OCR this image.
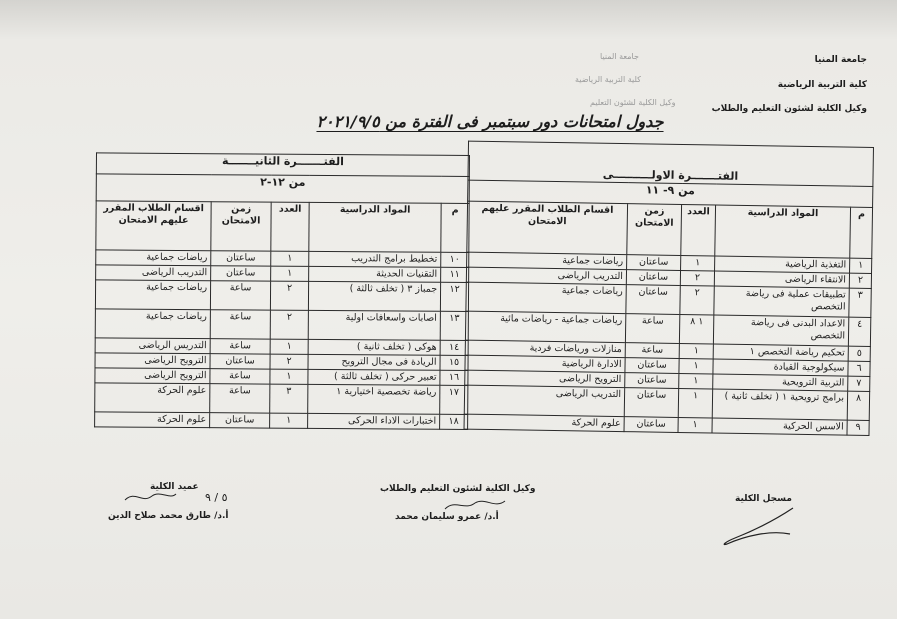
جامعة المنيا
كلية التربية الرياضية
وكيل الكلية لشئون التعليم
جامعة المنيا
كلية التربية الرياضية
وكيل الكلية لشئون التعليم والطلاب
جدول امتحانات دور سبتمبر فى الفترة من ٢٠٢١/٩/٥
الفتـــــــرة الاولــــــــــى				
من ٩- ١١				
م	المواد الدراسية	العدد	زمن الامتحان	اقسام الطلاب المقرر عليهم الامتحان
١	التغذية الرياضية	١	ساعتان	رياضات جماعية
٢	الانتقاء الرياضى	٢	ساعتان	التدريب الرياضى
٣	تطبيقات عملية فى رياضة التخصص	٢	ساعتان	رياضات جماعية
٤	الاعداد البدنى فى رياضة التخصص	١ ٨	ساعة	رياضات جماعية - رياضات مائية
٥	تحكيم رياضة التخصص ١	١	ساعة	منازلات ورياضات فردية
٦	سيكولوجية القيادة	١	ساعتان	الادارة الرياضية
٧	التربية الترويحية	١	ساعتان	الترويح الرياضى
٨	برامج ترويحية ١ ( تخلف ثانية )	١	ساعتان	التدريب الرياضى
٩	الاسس الحركية	١	ساعتان	علوم الحركة
الفتـــــــرة الثانيـــــــة				
من ١٢-٢				
م	المواد الدراسية	العدد	زمن الامتحان	اقسام الطلاب المقرر عليهم الامتحان
١٠	تخطيط برامج التدريب	١	ساعتان	رياضات جماعية
١١	التقنيات الحديثة	١	ساعتان	التدريب الرياضى
١٢	جمباز ٣ ( تخلف ثالثة )	٢	ساعة	رياضات جماعية
١٣	اصابات واسعافات اولية	٢	ساعة	رياضات جماعية
١٤	هوكى ( تخلف ثانية )	١	ساعة	التدريس الرياضى
١٥	الريادة فى مجال الترويح	٢	ساعتان	الترويح الرياضى
١٦	تعبير حركى ( تخلف ثالثة )	١	ساعة	الترويح الرياضى
١٧	رياضة تخصصية اختيارية ١	٣	ساعة	علوم الحركة
١٨	اختبارات الاداء الحركى	١	ساعتان	علوم الحركة
مسجل الكلية
وكيل الكلية لشئون التعليم والطلاب
أ.د/ عمرو سليمان محمد
عميد الكلية
٥ / ٩
أ.د/ طارق محمد صلاح الدين
